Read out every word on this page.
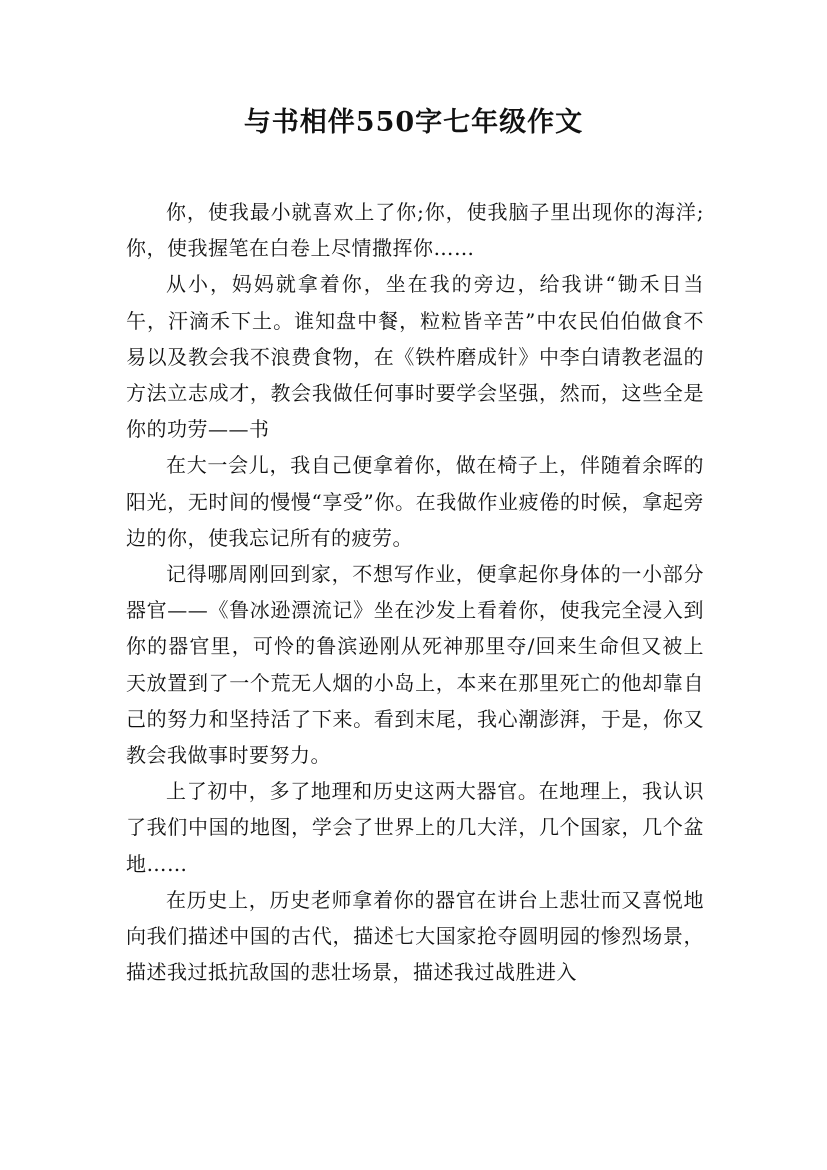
与书相伴550字七年级作文

你，使我最小就喜欢上了你;你，使我脑子里出现你的海洋;你，使我握笔在白卷上尽情撒挥你……

从小，妈妈就拿着你，坐在我的旁边，给我讲“锄禾日当午，汗滴禾下土。谁知盘中餐，粒粒皆辛苦”中农民伯伯做食不易以及教会我不浪费食物，在《铁杵磨成针》中李白请教老温的方法立志成才，教会我做任何事时要学会坚强，然而，这些全是你的功劳——书

在大一会儿，我自己便拿着你，做在椅子上，伴随着余晖的阳光，无时间的慢慢“享受”你。在我做作业疲倦的时候，拿起旁边的你，使我忘记所有的疲劳。

记得哪周刚回到家，不想写作业，便拿起你身体的一小部分器官——《鲁冰逊漂流记》坐在沙发上看着你，使我完全浸入到你的器官里，可怜的鲁滨逊刚从死神那里夺/回来生命但又被上天放置到了一个荒无人烟的小岛上，本来在那里死亡的他却靠自己的努力和坚持活了下来。看到末尾，我心潮澎湃，于是，你又教会我做事时要努力。

上了初中，多了地理和历史这两大器官。在地理上，我认识了我们中国的地图，学会了世界上的几大洋，几个国家，几个盆地……

在历史上，历史老师拿着你的器官在讲台上悲壮而又喜悦地向我们描述中国的古代，描述七大国家抢夺圆明园的惨烈场景，描述我过抵抗敌国的悲壮场景，描述我过战胜进入
